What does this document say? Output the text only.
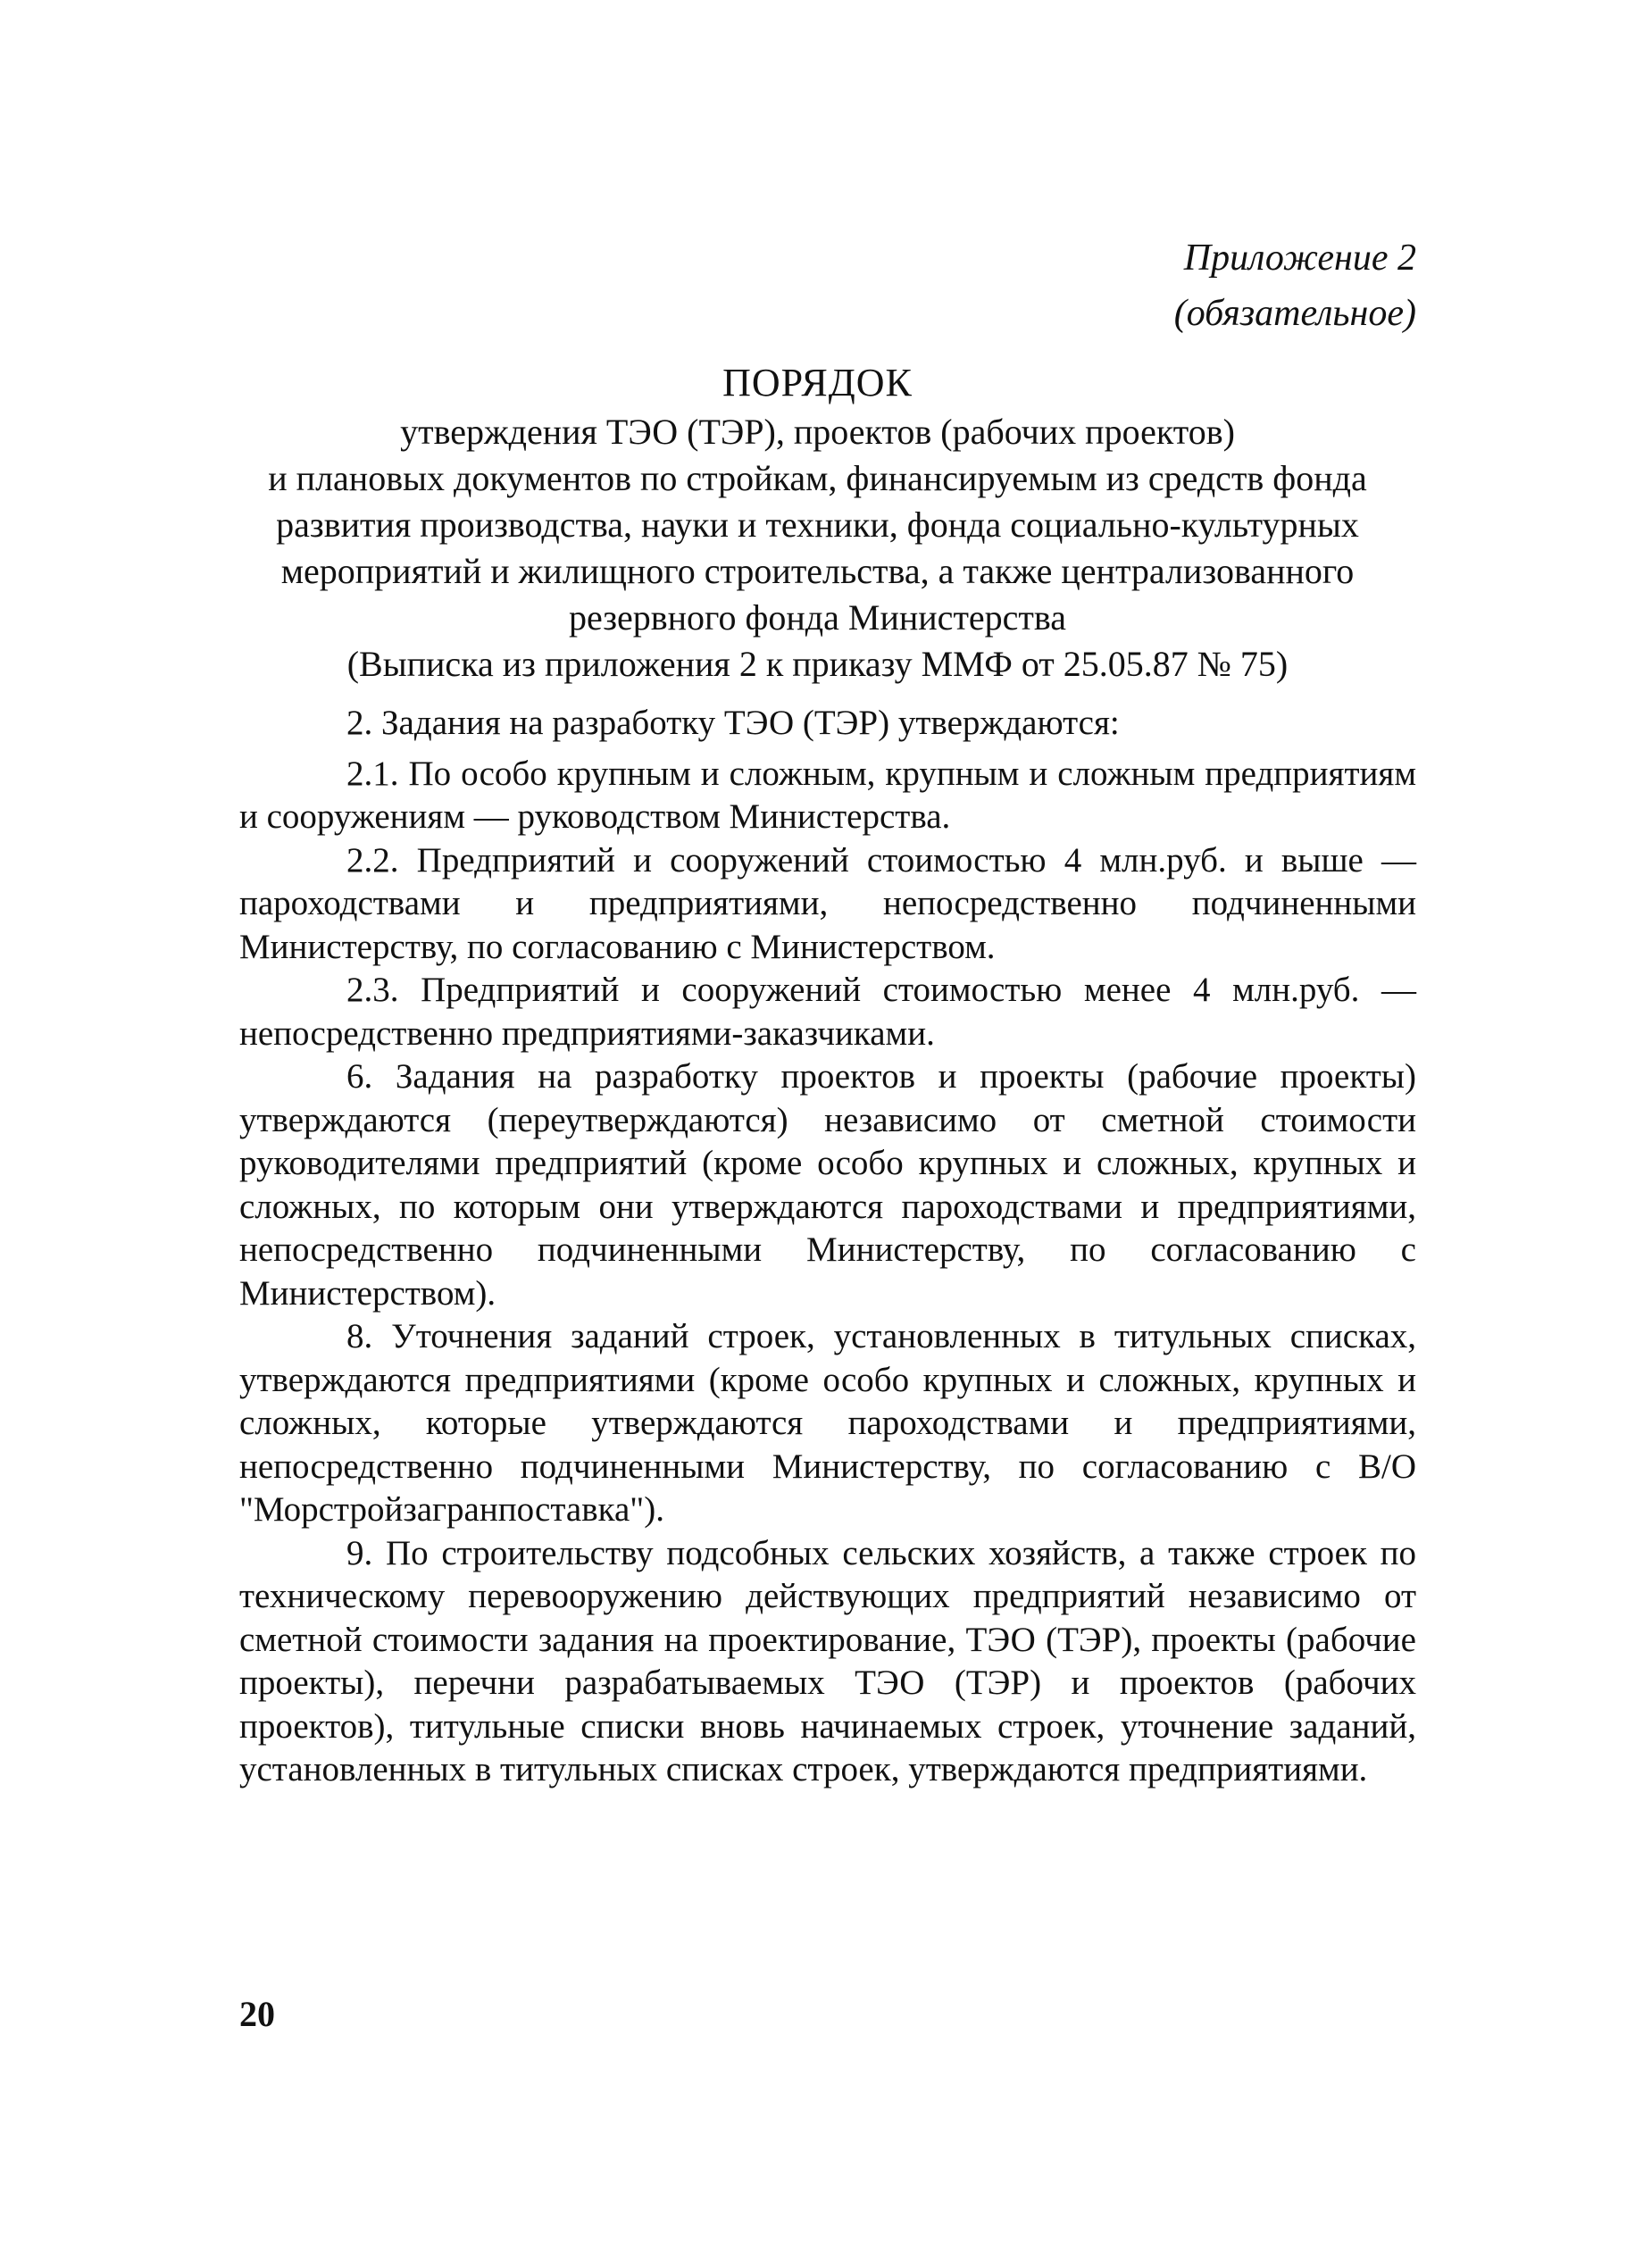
Приложение 2
(обязательное)
ПОРЯДОК
утверждения ТЭО (ТЭР), проектов (рабочих проектов)
и плановых документов по стройкам, финансируемым из средств фонда
развития производства, науки и техники, фонда социально-культурных
мероприятий и жилищного строительства, а также централизованного
резервного фонда Министерства
(Выписка из приложения 2 к приказу ММФ от 25.05.87 № 75)

2. Задания на разработку ТЭО (ТЭР) утверждаются:

2.1. По особо крупным и сложным, крупным и сложным предприятиям и сооружениям — руководством Министерства.

2.2. Предприятий и сооружений стоимостью 4 млн.руб. и выше — пароходствами и предприятиями, непосредственно подчиненными Министерству, по согласованию с Министерством.

2.3. Предприятий и сооружений стоимостью менее 4 млн.руб. — непосредственно предприятиями-заказчиками.

6. Задания на разработку проектов и проекты (рабочие проекты) утверждаются (переутверждаются) независимо от сметной стоимости руководителями предприятий (кроме особо крупных и сложных, крупных и сложных, по которым они утверждаются пароходствами и предприятиями, непосредственно подчиненными Министерству, по согласованию с Министерством).

8. Уточнения заданий строек, установленных в титульных списках, утверждаются предприятиями (кроме особо крупных и сложных, крупных и сложных, которые утверждаются пароходствами и предприятиями, непосредственно подчиненными Министерству, по согласованию с В/О "Морстройзагранпоставка").

9. По строительству подсобных сельских хозяйств, а также строек по техническому перевооружению действующих предприятий независимо от сметной стоимости задания на проектирование, ТЭО (ТЭР), проекты (рабочие проекты), перечни разрабатываемых ТЭО (ТЭР) и проектов (рабочих проектов), титульные списки вновь начинаемых строек, уточнение заданий, установленных в титульных списках строек, утверждаются предприятиями.

20
